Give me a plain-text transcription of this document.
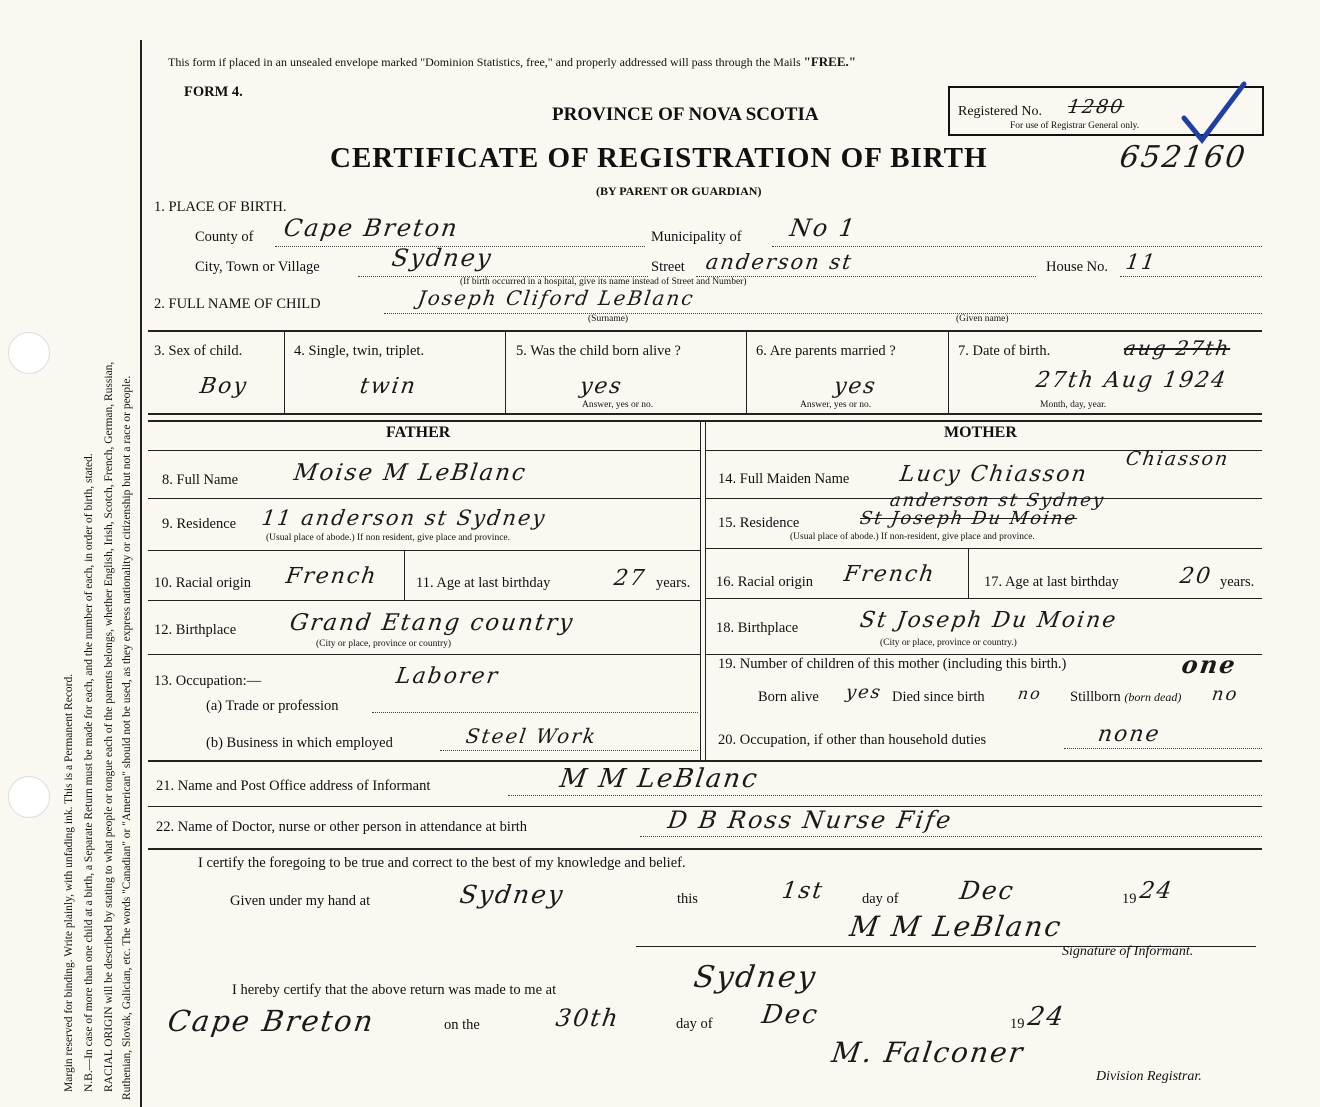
Margin reserved for binding. Write plainly, with unfading ink. This is a Permanent Record. N.B.—In case of more than one child at a birth, a Separate Return must be made for each, and the number of each, in order of birth, stated. RACIAL ORIGIN will be described by stating to what people or tongue each of the parents belongs, whether English, Irish, Scotch, French, German, Russian, Ruthenian, Slovak, Galician, etc. The words "Canadian" or "American" should not be used, as they express nationality or citizenship but not a race or people.
This form if placed in an unsealed envelope marked "Dominion Statistics, free," and properly addressed will pass through the Mails "FREE."
FORM 4.
PROVINCE OF NOVA SCOTIA
CERTIFICATE OF REGISTRATION OF BIRTH
(BY PARENT OR GUARDIAN)
Registered No. 1280
For use of Registrar General only.
652160
1. PLACE OF BIRTH.
County of Cape Breton	Municipality of No 1
City, Town or Village	Sydney	Street anderson st
(If birth occurred in a hospital, give its name instead of Street and Number)
House No. 11
2. FULL NAME OF CHILD	Joseph Cliford LeBlanc
(Surname)	(Given name)
3. Sex of child.
Boy
4. Single, twin, triplet.
twin
5. Was the child born alive ?
yes
Answer, yes or no.
6. Are parents married ?
yes
Answer, yes or no.
7. Date of birth.	aug 27th
27th Aug 1924
Month, day, year.
FATHER	MOTHER
8. Full Name Moise M LeBlanc
9. Residence 11 anderson st Sydney
(Usual place of abode.) If non resident, give place and province.
10. Racial origin French	11. Age at last birthday	27 years.
12. Birthplace Grand Etang country
(City or place, province or country)
13. Occupation:—	Laborer
(a) Trade or profession
(b) Business in which employed	Steel Work
Chiasson
14. Full Maiden Name Lucy Chiasson
anderson st Sydney
15. Residence	St Joseph Du Moine
(Usual place of abode.) If non-resident, give place and province.
16. Racial origin French	17. Age at last birthday	20 years.
18. Birthplace	St Joseph Du Moine
(City or place, province or country.)
19. Number of children of this mother (including this birth.)	one
Born alive yes Died since birth no Stillborn (born dead) no
20. Occupation, if other than household duties	none
21. Name and Post Office address of Informant	M M LeBlanc
22. Name of Doctor, nurse or other person in attendance at birth	D B Ross Nurse Fife
I certify the foregoing to be true and correct to the best of my knowledge and belief.
Given under my hand at	Sydney	this	1st	day of Dec	19 24
M M LeBlanc
Signature of Informant.
I hereby certify that the above return was made to me at	Sydney
Cape Breton	on the	30th	day of Dec	19 24
M. Falconer
Division Registrar.
